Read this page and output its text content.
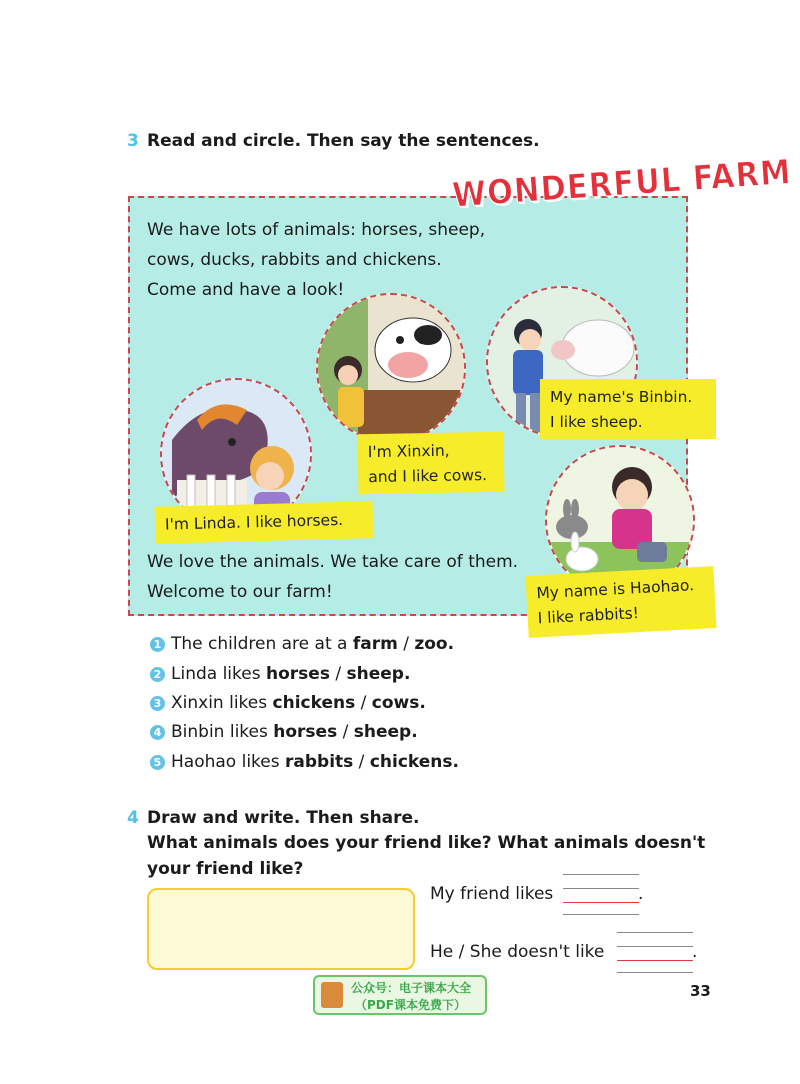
3 Read and circle. Then say the sentences.
WONDERFUL FARM
We have lots of animals: horses, sheep,
cows, ducks, rabbits and chickens.
Come and have a look!
I'm Linda. I like horses.
I'm Xinxin,
and I like cows.
My name's Binbin.
I like sheep.
My name is Haohao.
I like rabbits!
We love the animals. We take care of them.
Welcome to our farm!
1 The children are at a farm / zoo .
2 Linda likes horses / sheep .
3 Xinxin likes chickens / cows .
4 Binbin likes horses / sheep .
5 Haohao likes rabbits / chickens .
4 Draw and write. Then share.
What animals does your friend like? What animals doesn't
your friend like?
My friend likes	.
He / She doesn't like	.
公众号：电子课本大全
（PDF课本免费下）
33
